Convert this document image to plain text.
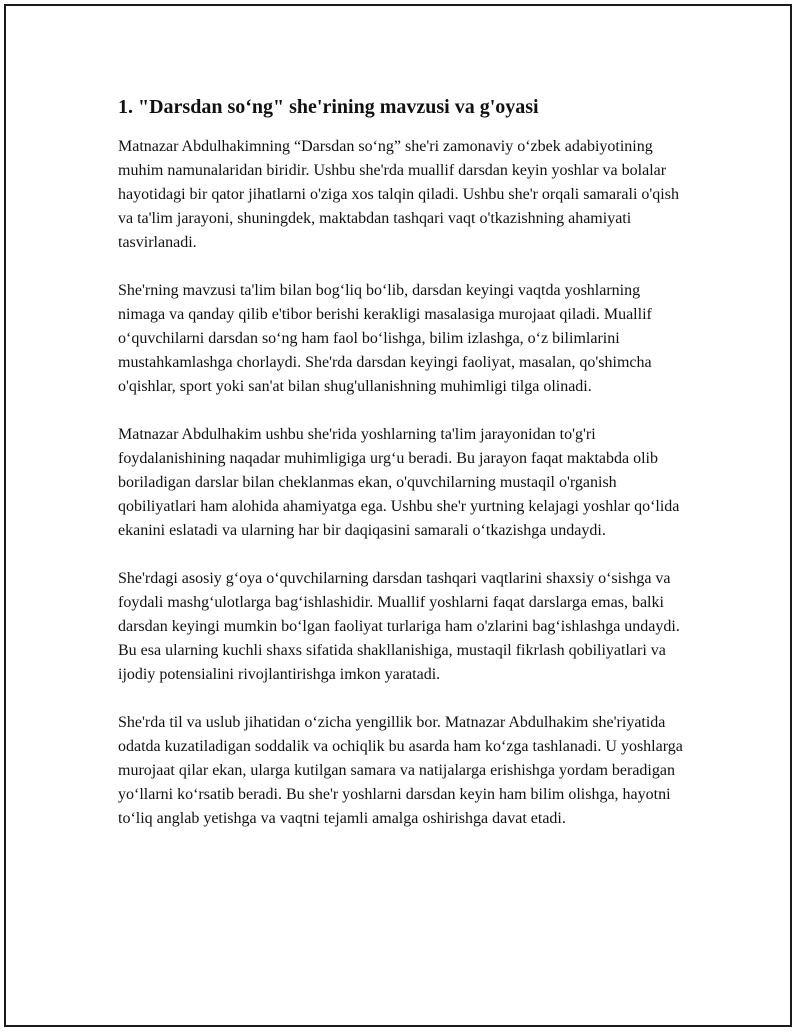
1. "Darsdan so‘ng" she'rining mavzusi va g'oyasi

Matnazar Abdulhakimning “Darsdan so‘ng” she'ri zamonaviy o‘zbek adabiyotining muhim namunalaridan biridir. Ushbu she'rda muallif darsdan keyin yoshlar va bolalar hayotidagi bir qator jihatlarni o'ziga xos talqin qiladi. Ushbu she'r orqali samarali o'qish va ta'lim jarayoni, shuningdek, maktabdan tashqari vaqt o'tkazishning ahamiyati tasvirlanadi.

She'rning mavzusi ta'lim bilan bog‘liq bo‘lib, darsdan keyingi vaqtda yoshlarning nimaga va qanday qilib e'tibor berishi kerakligi masalasiga murojaat qiladi. Muallif o‘quvchilarni darsdan so‘ng ham faol bo‘lishga, bilim izlashga, o‘z bilimlarini mustahkamlashga chorlaydi. She'rda darsdan keyingi faoliyat, masalan, qo'shimcha o'qishlar, sport yoki san'at bilan shug'ullanishning muhimligi tilga olinadi.

Matnazar Abdulhakim ushbu she'rida yoshlarning ta'lim jarayonidan to'g'ri foydalanishining naqadar muhimligiga urg‘u beradi. Bu jarayon faqat maktabda olib boriladigan darslar bilan cheklanmas ekan, o'quvchilarning mustaqil o'rganish qobiliyatlari ham alohida ahamiyatga ega. Ushbu she'r yurtning kelajagi yoshlar qo‘lida ekanini eslatadi va ularning har bir daqiqasini samarali o‘tkazishga undaydi.

She'rdagi asosiy g‘oya o‘quvchilarning darsdan tashqari vaqtlarini shaxsiy o‘sishga va foydali mashg‘ulotlarga bag‘ishlashidir. Muallif yoshlarni faqat darslarga emas, balki darsdan keyingi mumkin bo‘lgan faoliyat turlariga ham o'zlarini bag‘ishlashga undaydi. Bu esa ularning kuchli shaxs sifatida shakllanishiga, mustaqil fikrlash qobiliyatlari va ijodiy potensialini rivojlantirishga imkon yaratadi.

She'rda til va uslub jihatidan o‘zicha yengillik bor. Matnazar Abdulhakim she'riyatida odatda kuzatiladigan soddalik va ochiqlik bu asarda ham ko‘zga tashlanadi. U yoshlarga murojaat qilar ekan, ularga kutilgan samara va natijalarga erishishga yordam beradigan yo‘llarni ko‘rsatib beradi. Bu she'r yoshlarni darsdan keyin ham bilim olishga, hayotni to‘liq anglab yetishga va vaqtni tejamli amalga oshirishga davat etadi.
